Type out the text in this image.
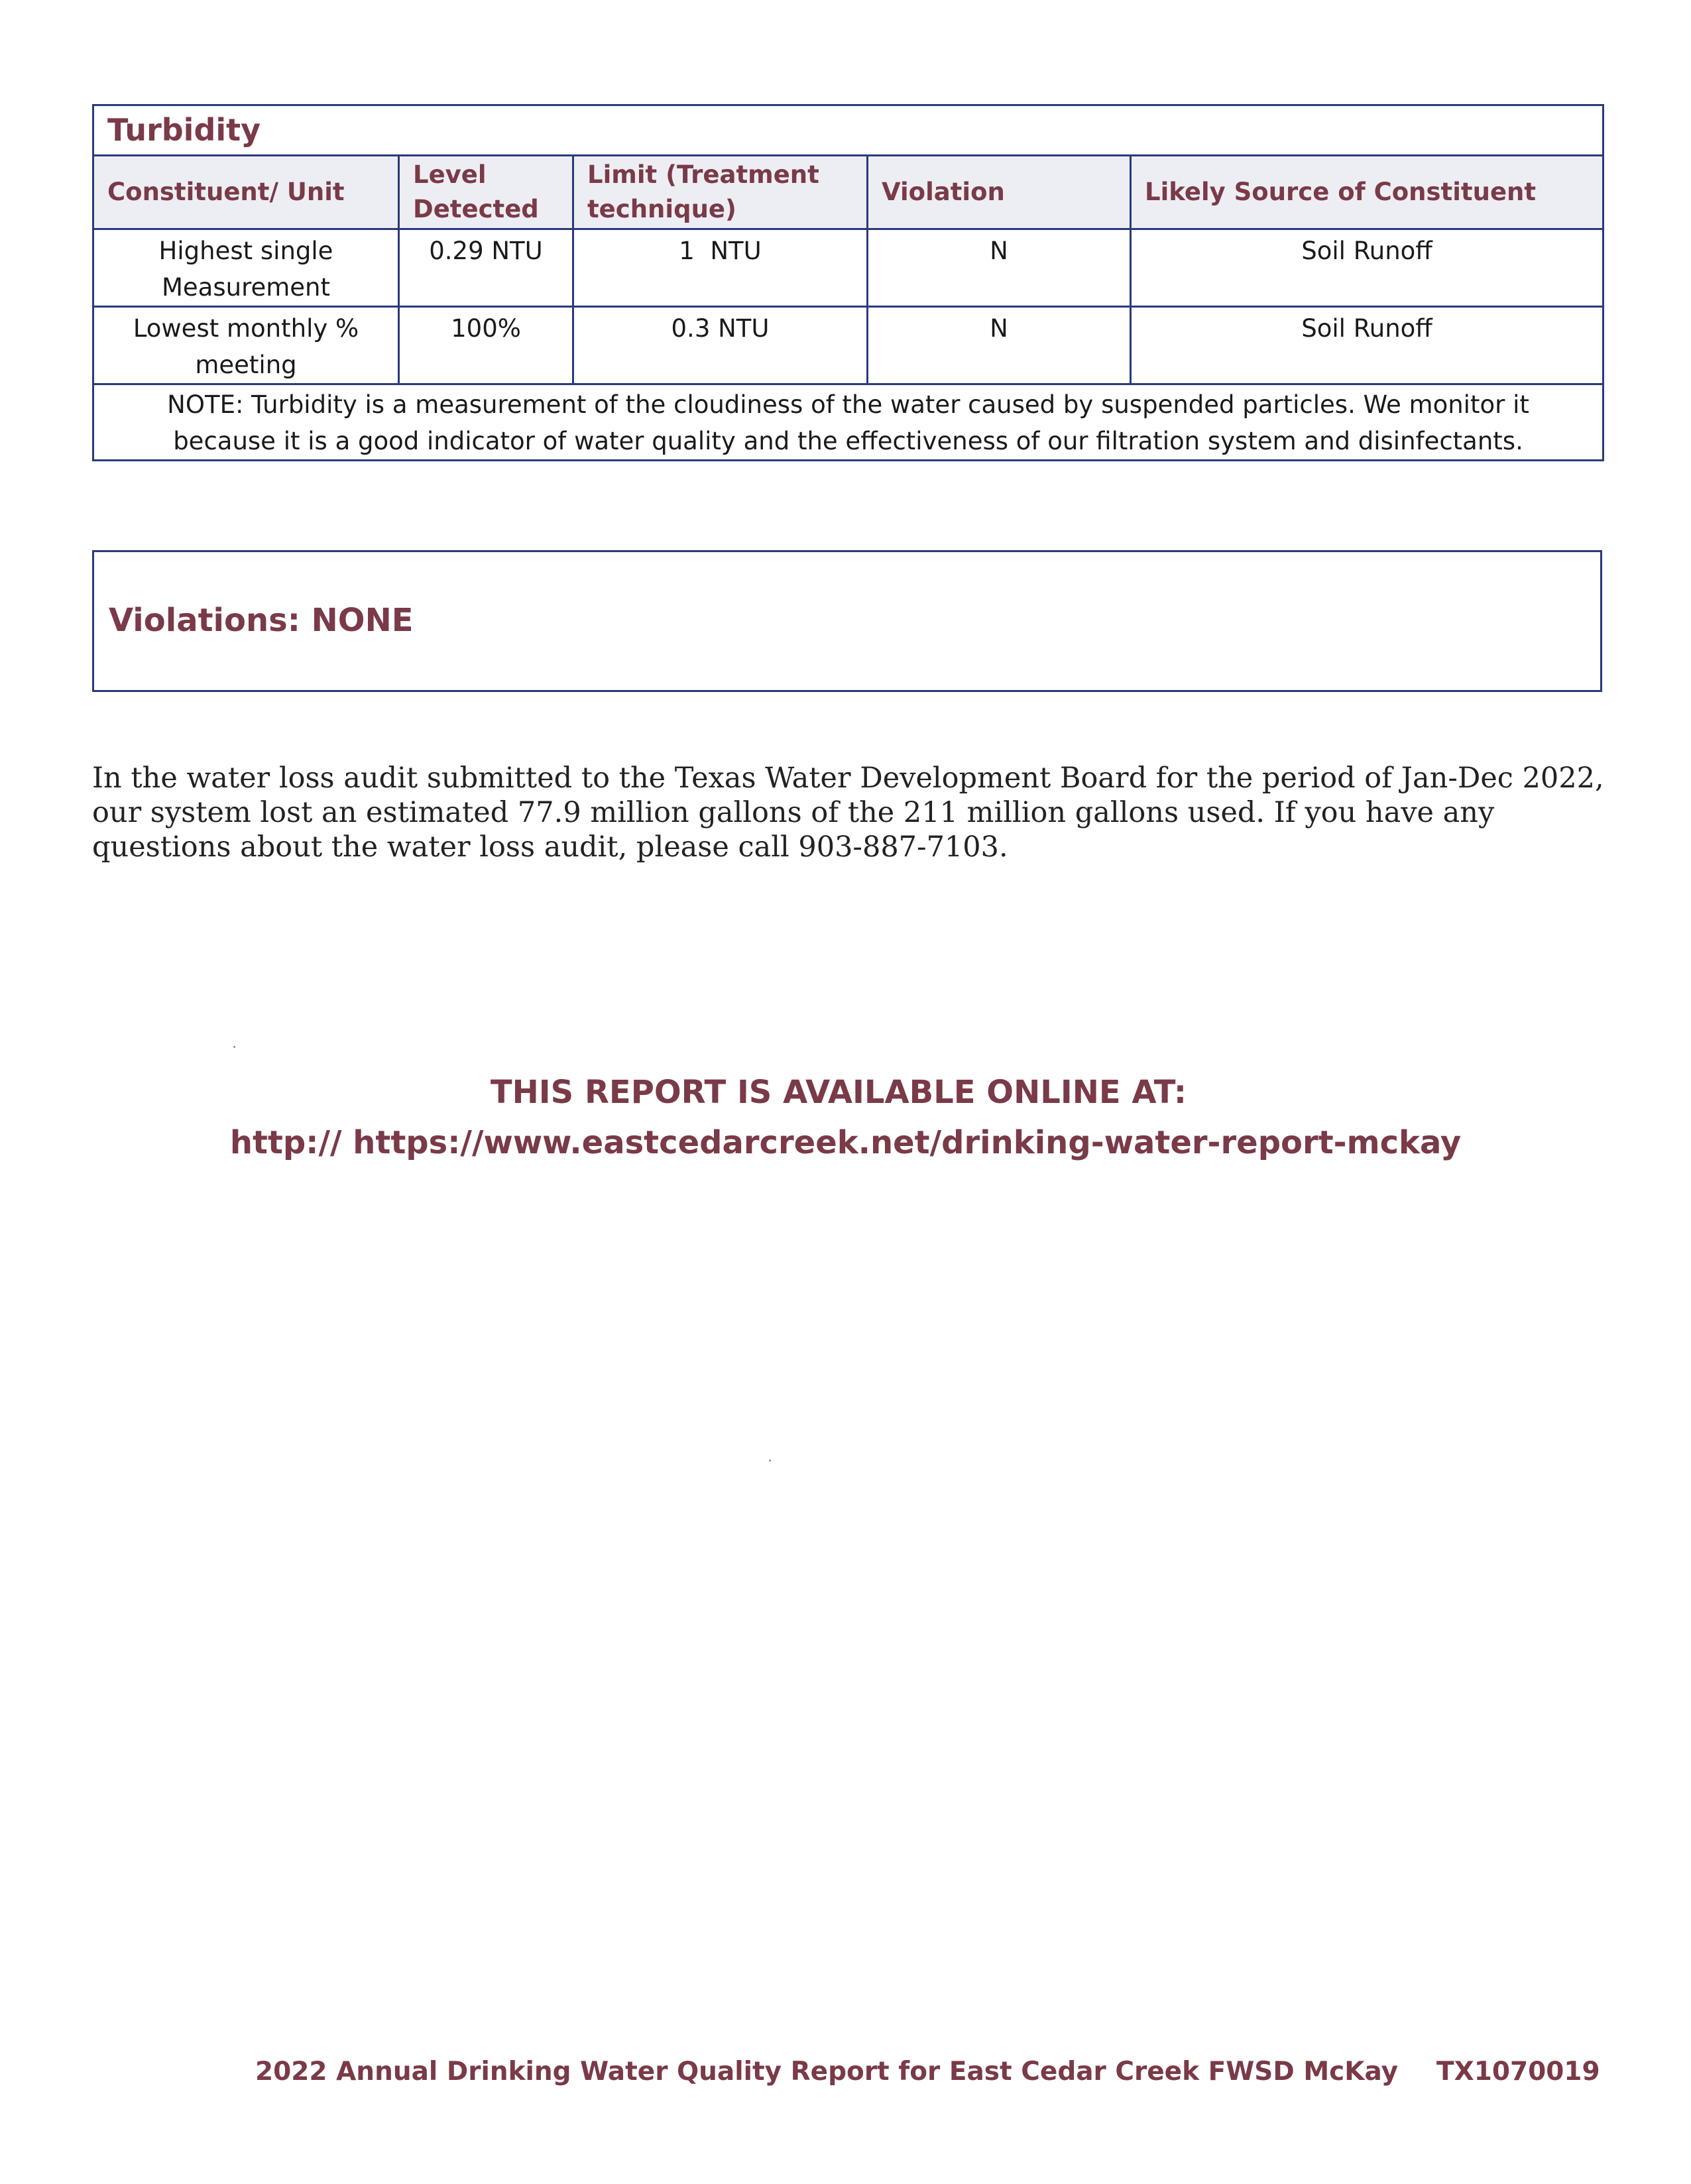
Turbidity				
Constituent/ Unit	Level Detected	Limit (Treatment technique)	Violation	Likely Source of Constituent
Highest single Measurement	0.29 NTU	1  NTU	N	Soil Runoff
Lowest monthly % meeting	100%	0.3 NTU	N	Soil Runoff
NOTE: Turbidity is a measurement of the cloudiness of the water caused by suspended particles. We monitor it because it is a good indicator of water quality and the effectiveness of our filtration system and disinfectants.				
Violations: NONE

In the water loss audit submitted to the Texas Water Development Board for the period of Jan-Dec 2022, our system lost an estimated 77.9 million gallons of the 211 million gallons used. If you have any questions about the water loss audit, please call 903-887-7103.

THIS REPORT IS AVAILABLE ONLINE AT:
http:// https://www.eastcedarcreek.net/drinking-water-report-mckay
2022 Annual Drinking Water Quality Report for East Cedar Creek FWSD McKay TX1070019
